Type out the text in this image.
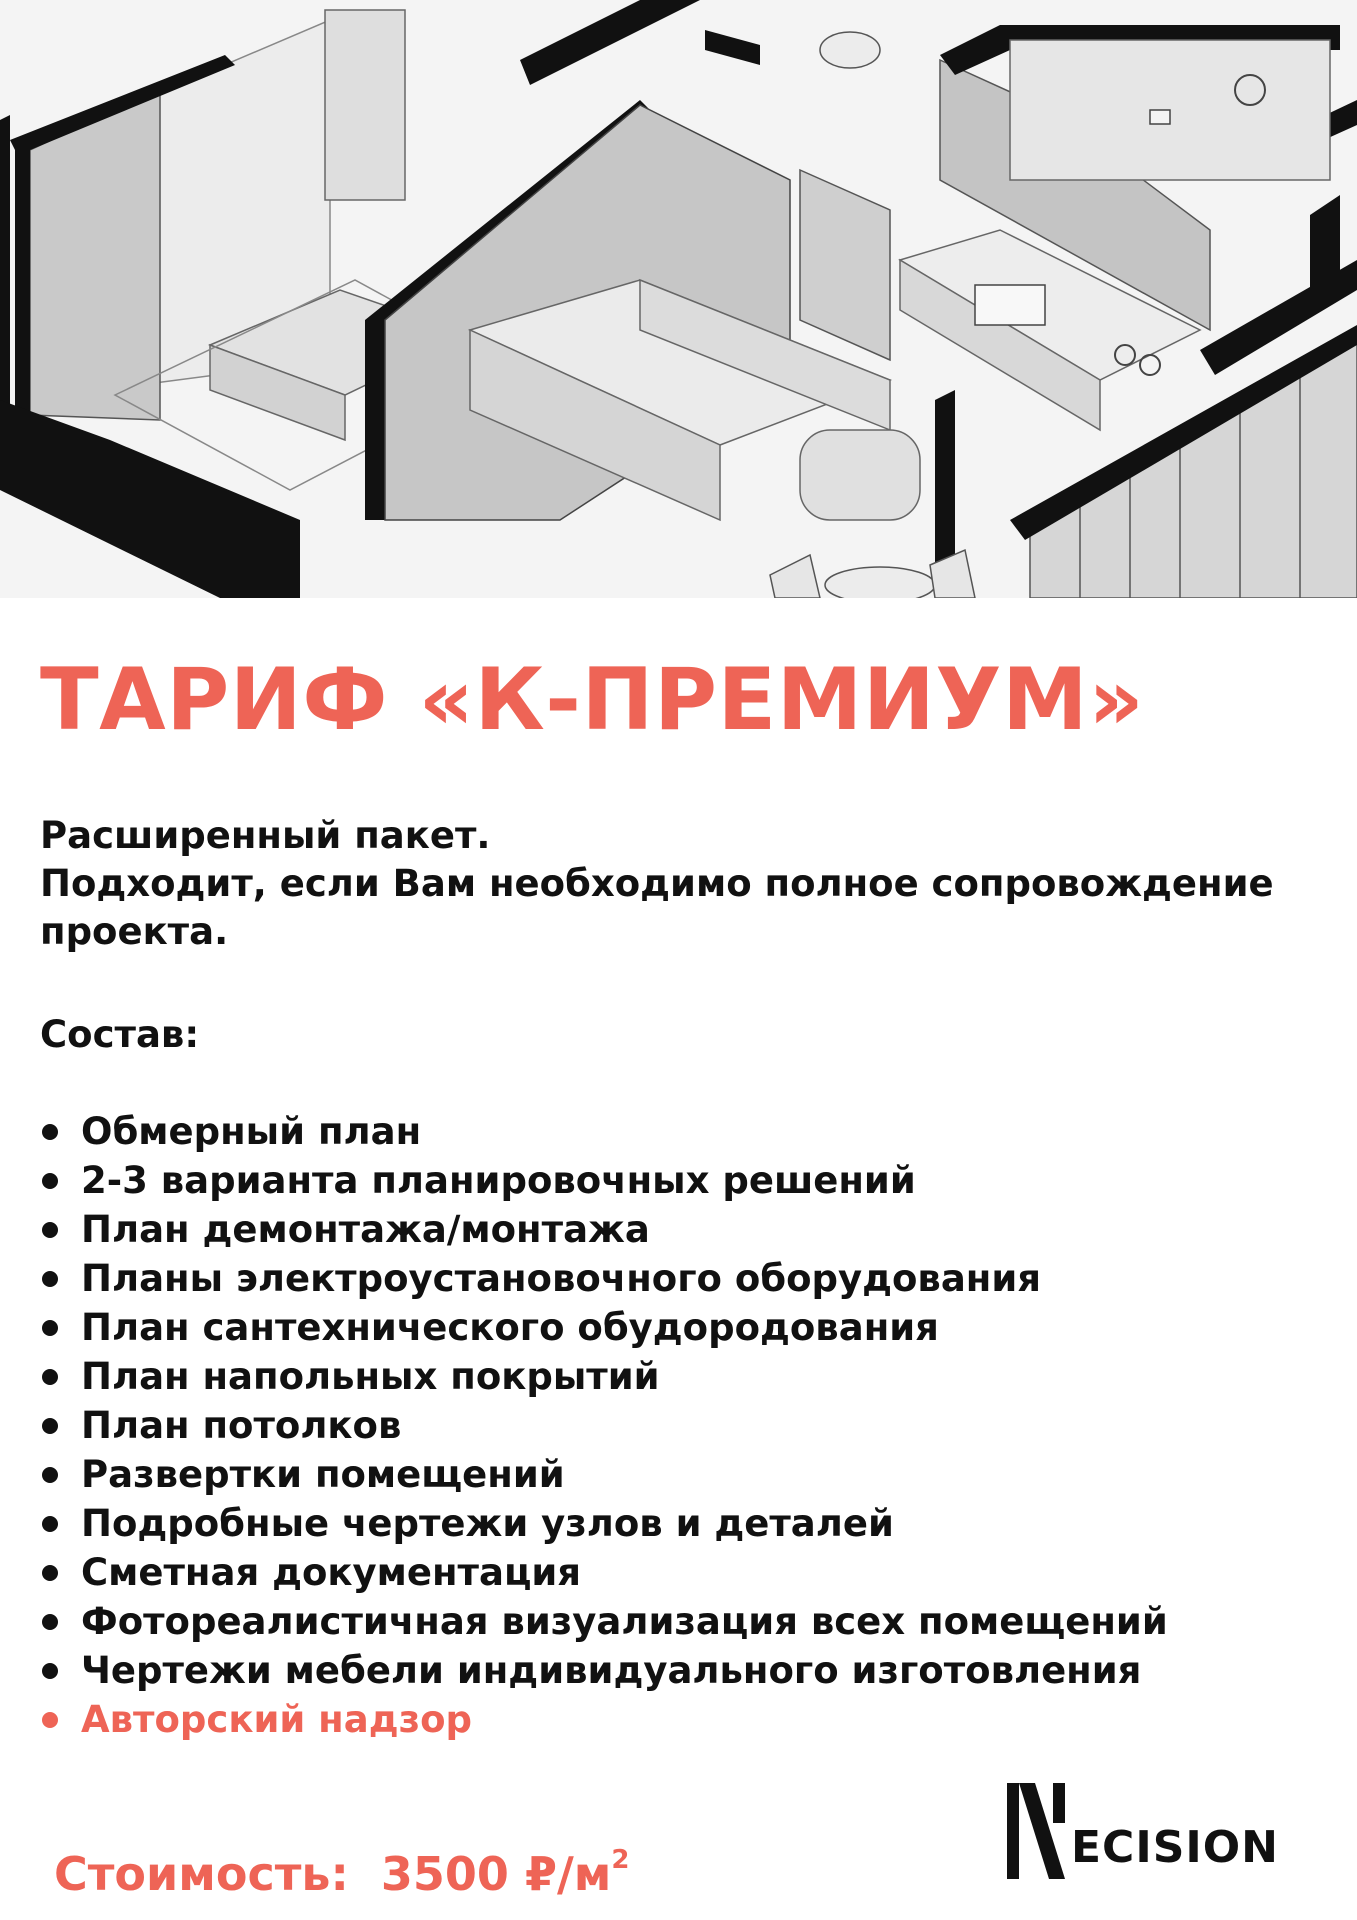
ТАРИФ «К-ПРЕМИУМ»
Расширенный пакет.
Подходит, если Вам необходимо полное сопровождение
проекта.
Состав:
Обмерный план
2-3 варианта планировочных решений
План демонтажа/монтажа
Планы электроустановочного оборудования
План сантехнического обудородования
План напольных покрытий
План потолков
Развертки помещений
Подробные чертежи узлов и деталей
Сметная документация
Фотореалистичная визуализация всех помещений
Чертежи мебели индивидуального изготовления
Авторский надзор
Стоимость: 3500 $₽/м^2$	ECISION
